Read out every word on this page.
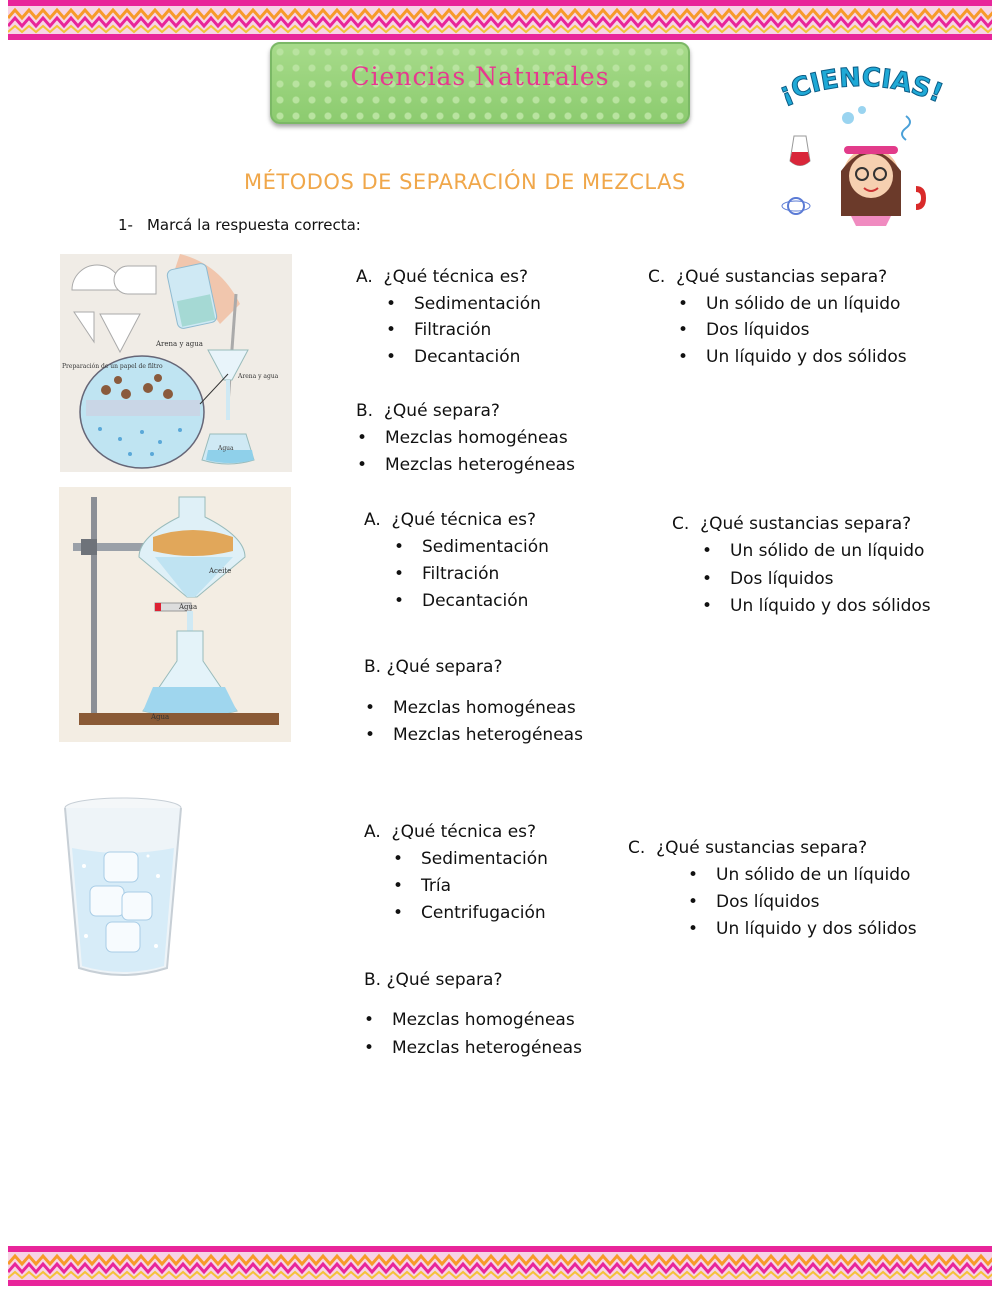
Ciencias Naturales
¡CIENCIAS!
MÉTODOS DE SEPARACIÓN DE MEZCLAS
1- Marcá la respuesta correcta:
Arena y agua
Preparación de un papel de filtro
Arena y agua
Agua
Aceite
Agua
Agua
A. ¿Qué técnica es?
• Sedimentación
• Filtración
• Decantación
B. ¿Qué separa?
• Mezclas homogéneas
• Mezclas heterogéneas
C. ¿Qué sustancias separa?
• Un sólido de un líquido
• Dos líquidos
• Un líquido y dos sólidos
A. ¿Qué técnica es?
• Sedimentación
• Filtración
• Decantación
B. ¿Qué separa?
• Mezclas homogéneas
• Mezclas heterogéneas
C. ¿Qué sustancias separa?
• Un sólido de un líquido
• Dos líquidos
• Un líquido y dos sólidos
A. ¿Qué técnica es?
• Sedimentación
• Tría
• Centrifugación
B. ¿Qué separa?
• Mezclas homogéneas
• Mezclas heterogéneas
C. ¿Qué sustancias separa?
• Un sólido de un líquido
• Dos líquidos
• Un líquido y dos sólidos
